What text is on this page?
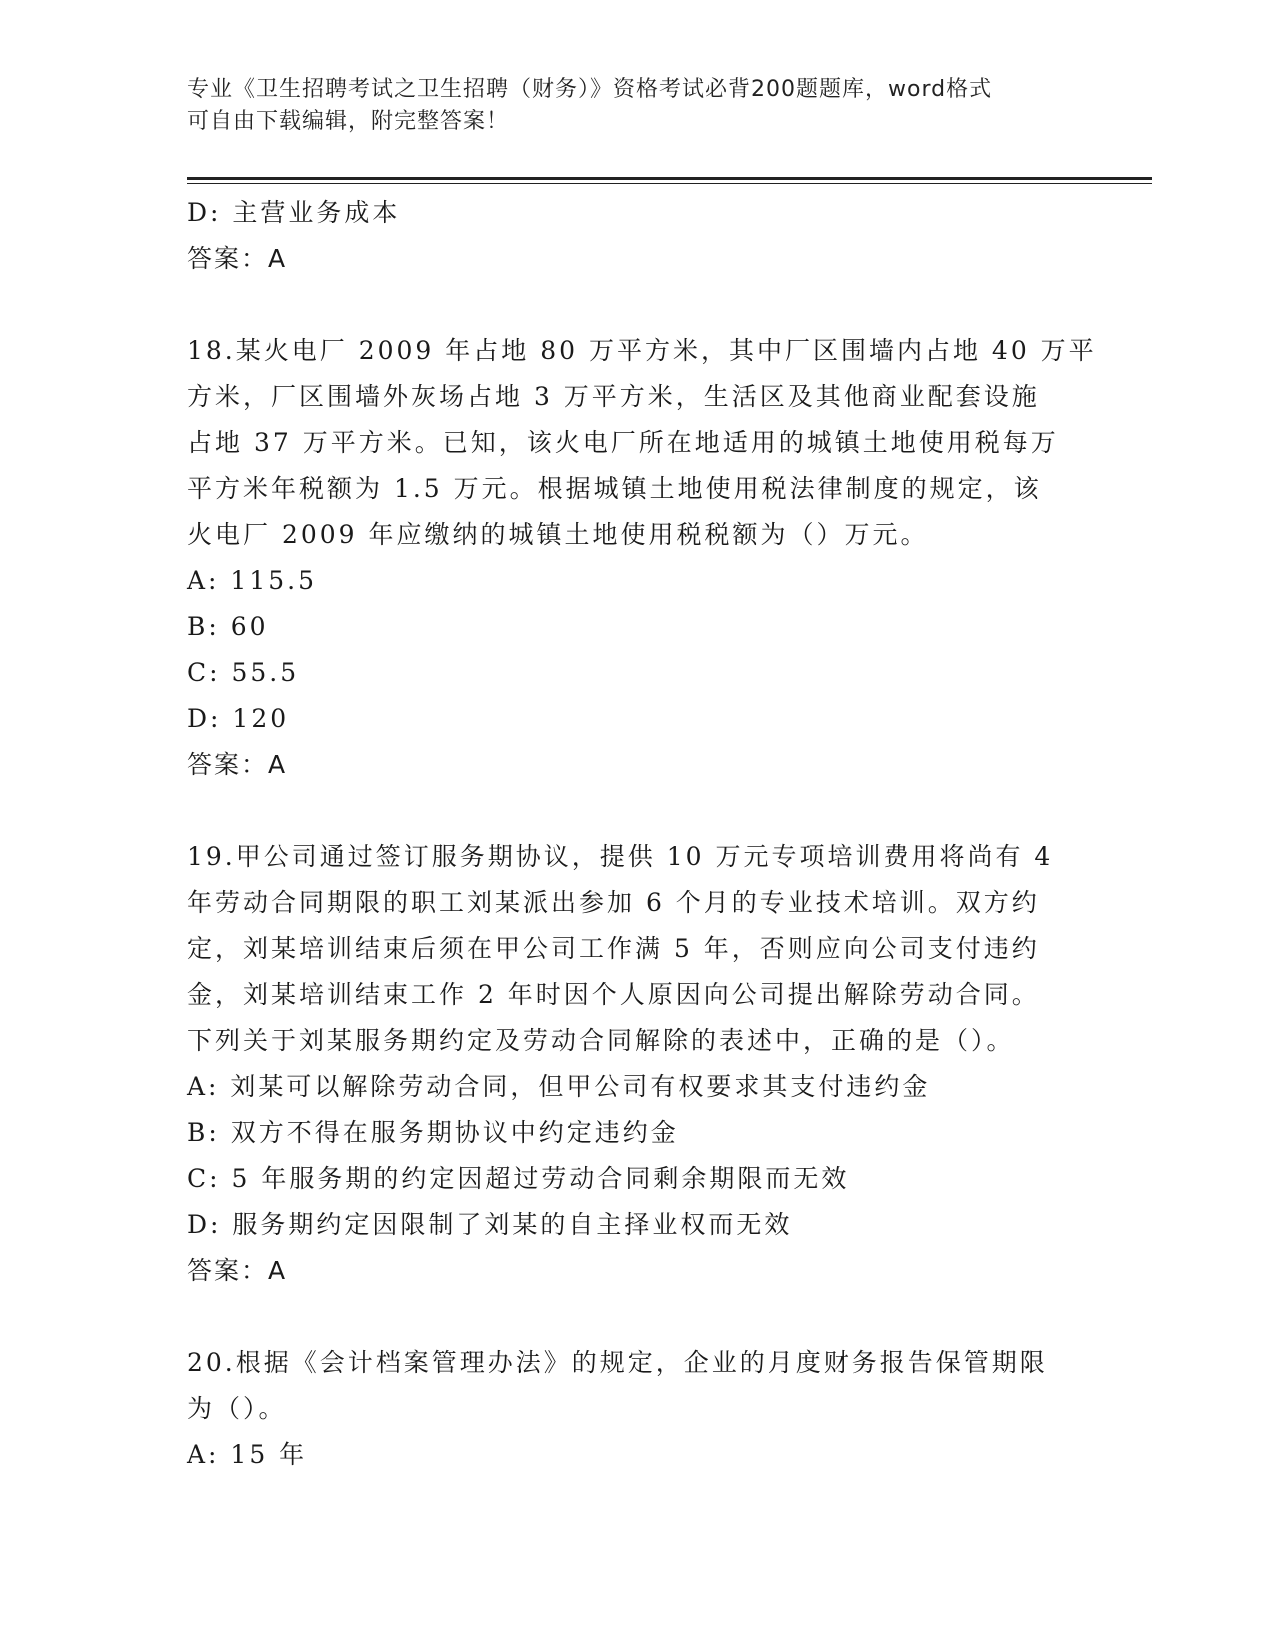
专业《卫生招聘考试之卫生招聘（财务）》资格考试必背200题题库，word格式
可自由下载编辑，附完整答案！
D: 主营业务成本
答案：A
18.某火电厂 2009 年占地 80 万平方米，其中厂区围墙内占地 40 万平
方米，厂区围墙外灰场占地 3 万平方米，生活区及其他商业配套设施
占地 37 万平方米。已知，该火电厂所在地适用的城镇土地使用税每万
平方米年税额为 1.5 万元。根据城镇土地使用税法律制度的规定，该
火电厂 2009 年应缴纳的城镇土地使用税税额为（）万元。
A: 115.5
B: 60
C: 55.5
D: 120
答案：A
19.甲公司通过签订服务期协议，提供 10 万元专项培训费用将尚有 4
年劳动合同期限的职工刘某派出参加 6 个月的专业技术培训。双方约
定，刘某培训结束后须在甲公司工作满 5 年，否则应向公司支付违约
金，刘某培训结束工作 2 年时因个人原因向公司提出解除劳动合同。
下列关于刘某服务期约定及劳动合同解除的表述中，正确的是（）。
A: 刘某可以解除劳动合同，但甲公司有权要求其支付违约金
B: 双方不得在服务期协议中约定违约金
C: 5 年服务期的约定因超过劳动合同剩余期限而无效
D: 服务期约定因限制了刘某的自主择业权而无效
答案：A
20.根据《会计档案管理办法》的规定，企业的月度财务报告保管期限
为（）。
A: 15 年
